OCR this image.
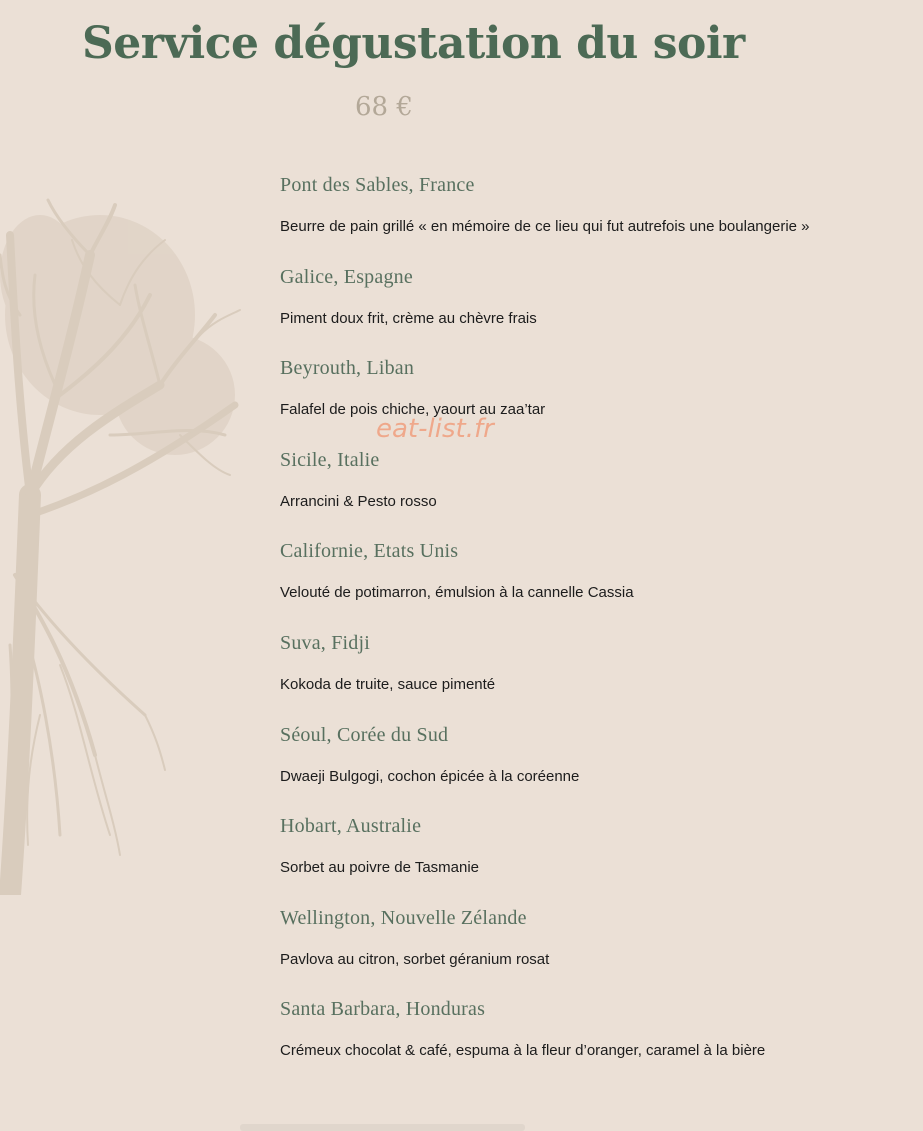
Service dégustation du soir
68 €
Pont des Sables, France
Beurre de pain grillé « en mémoire de ce lieu qui fut autrefois une boulangerie »
Galice, Espagne
Piment doux frit, crème au chèvre frais
Beyrouth, Liban
Falafel de pois chiche, yaourt au zaa’tar
Sicile, Italie
Arrancini & Pesto rosso
Californie, Etats Unis
Velouté de potimarron, émulsion à la cannelle Cassia
Suva, Fidji
Kokoda de truite, sauce pimenté
Séoul, Corée du Sud
Dwaeji Bulgogi, cochon épicée à la coréenne
Hobart, Australie
Sorbet au poivre de Tasmanie
Wellington, Nouvelle Zélande
Pavlova au citron, sorbet géranium rosat
Santa Barbara, Honduras
Crémeux chocolat & café, espuma à la fleur d’oranger, caramel à la bière
eat-list.fr
